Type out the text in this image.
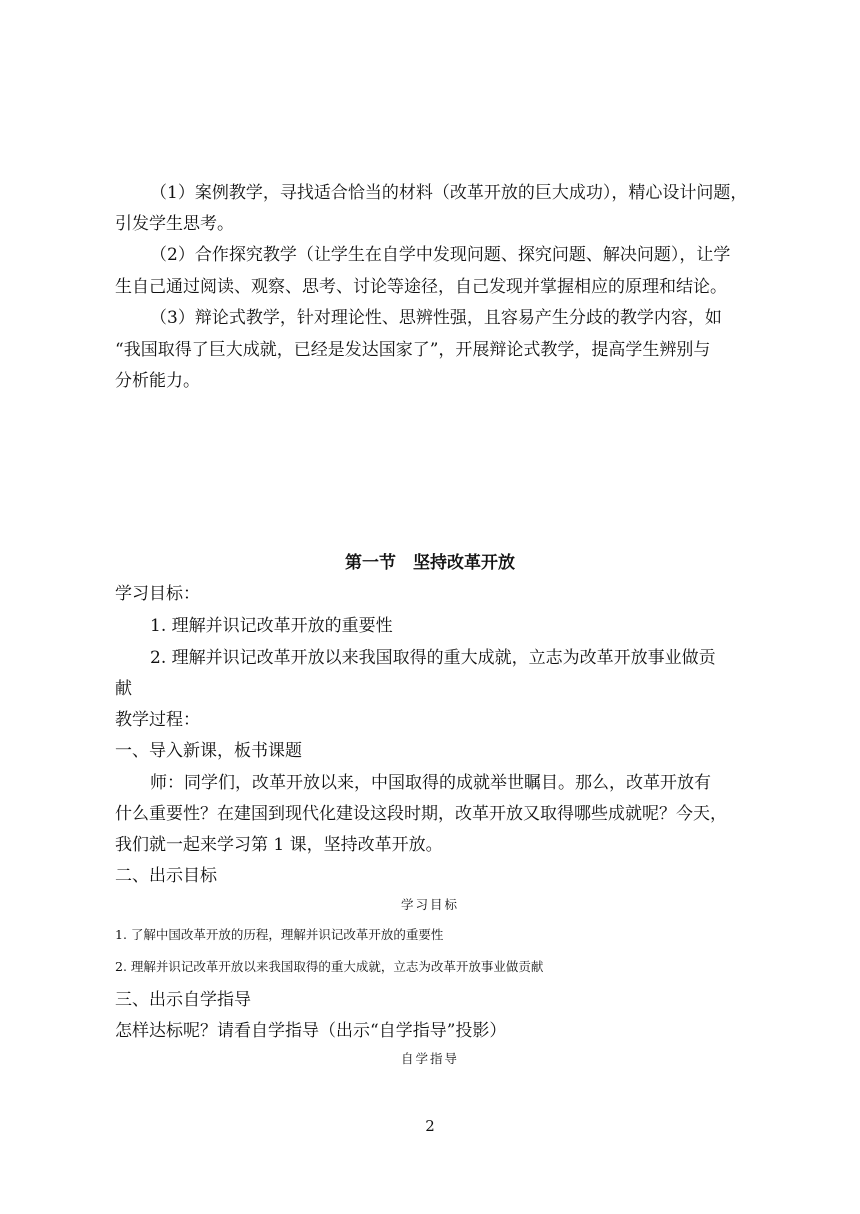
（1）案例教学，寻找适合恰当的材料（改革开放的巨大成功），精心设计问题，
引发学生思考。
（2）合作探究教学（让学生在自学中发现问题、探究问题、解决问题），让学
生自己通过阅读、观察、思考、讨论等途径，自己发现并掌握相应的原理和结论。
（3）辩论式教学，针对理论性、思辨性强，且容易产生分歧的教学内容，如
“我国取得了巨大成就，已经是发达国家了”，开展辩论式教学，提高学生辨别与
分析能力。
第一节　坚持改革开放
学习目标：
1. 理解并识记改革开放的重要性
2. 理解并识记改革开放以来我国取得的重大成就，立志为改革开放事业做贡
献
教学过程：
一、导入新课，板书课题
师：同学们，改革开放以来，中国取得的成就举世瞩目。那么，改革开放有
什么重要性？在建国到现代化建设这段时期，改革开放又取得哪些成就呢？今天，
我们就一起来学习第 1 课，坚持改革开放。
二、出示目标
学习目标
1. 了解中国改革开放的历程，理解并识记改革开放的重要性
2. 理解并识记改革开放以来我国取得的重大成就，立志为改革开放事业做贡献
三、出示自学指导
怎样达标呢？请看自学指导（出示“自学指导”投影）
自学指导
2
